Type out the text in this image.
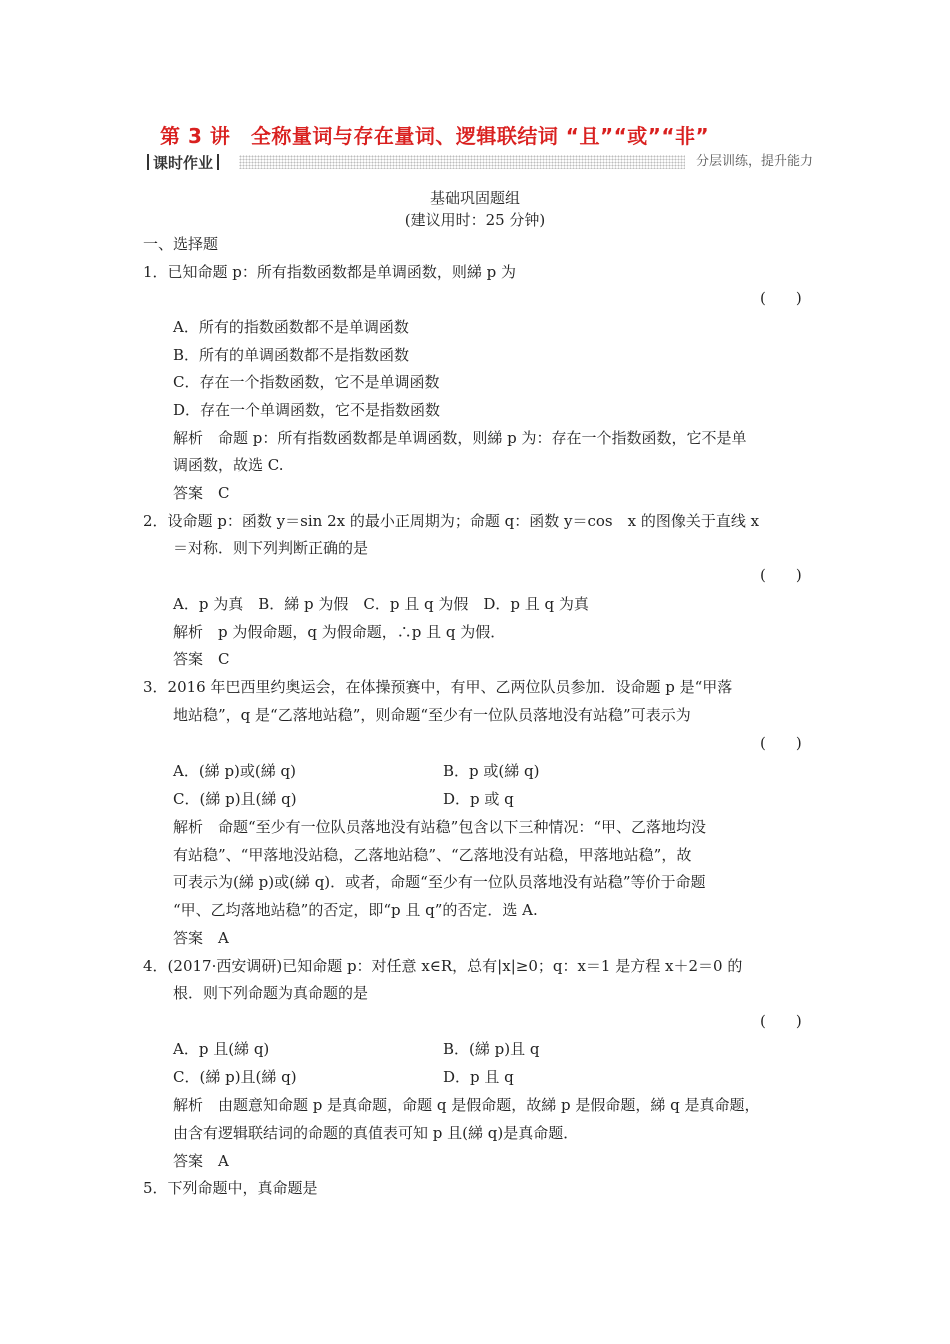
第 3 讲　全称量词与存在量词、逻辑联结词 “且”“或”“非”
课时作业	分层训练，提升能力
基础巩固题组
(建议用时：25 分钟)
一、选择题
1．已知命题 p：所有指数函数都是单调函数，则綈 p 为
(　　)
A．所有的指数函数都不是单调函数
B．所有的单调函数都不是指数函数
C．存在一个指数函数，它不是单调函数
D．存在一个单调函数，它不是指数函数
解析　命题 p：所有指数函数都是单调函数，则綈 p 为：存在一个指数函数，它不是单
调函数，故选 C.
答案　C
2．设命题 p：函数 y＝sin 2x 的最小正周期为；命题 q：函数 y＝cos　x 的图像关于直线 x
＝对称．则下列判断正确的是
(　　)
A．p 为真　B．綈 p 为假　C．p 且 q 为假　D．p 且 q 为真
解析　p 为假命题，q 为假命题，∴p 且 q 为假．
答案　C
3．2016 年巴西里约奥运会，在体操预赛中，有甲、乙两位队员参加．设命题 p 是“甲落
地站稳”，q 是“乙落地站稳”，则命题“至少有一位队员落地没有站稳”可表示为
(　　)
A．(綈 p)或(綈 q)	B．p 或(綈 q)
C．(綈 p)且(綈 q)	D．p 或 q
解析　命题“至少有一位队员落地没有站稳”包含以下三种情况：“甲、乙落地均没
有站稳”、“甲落地没站稳，乙落地站稳”、“乙落地没有站稳，甲落地站稳”，故
可表示为(綈 p)或(綈 q)．或者，命题“至少有一位队员落地没有站稳”等价于命题
“甲、乙均落地站稳”的否定，即“p 且 q”的否定．选 A.
答案　A
4．(2017·西安调研)已知命题 p：对任意 x∈R，总有|x|≥0；q：x＝1 是方程 x＋2＝0 的
根．则下列命题为真命题的是
(　　)
A．p 且(綈 q)	B．(綈 p)且 q
C．(綈 p)且(綈 q)	D．p 且 q
解析　由题意知命题 p 是真命题，命题 q 是假命题，故綈 p 是假命题，綈 q 是真命题，
由含有逻辑联结词的命题的真值表可知 p 且(綈 q)是真命题．
答案　A
5．下列命题中，真命题是
